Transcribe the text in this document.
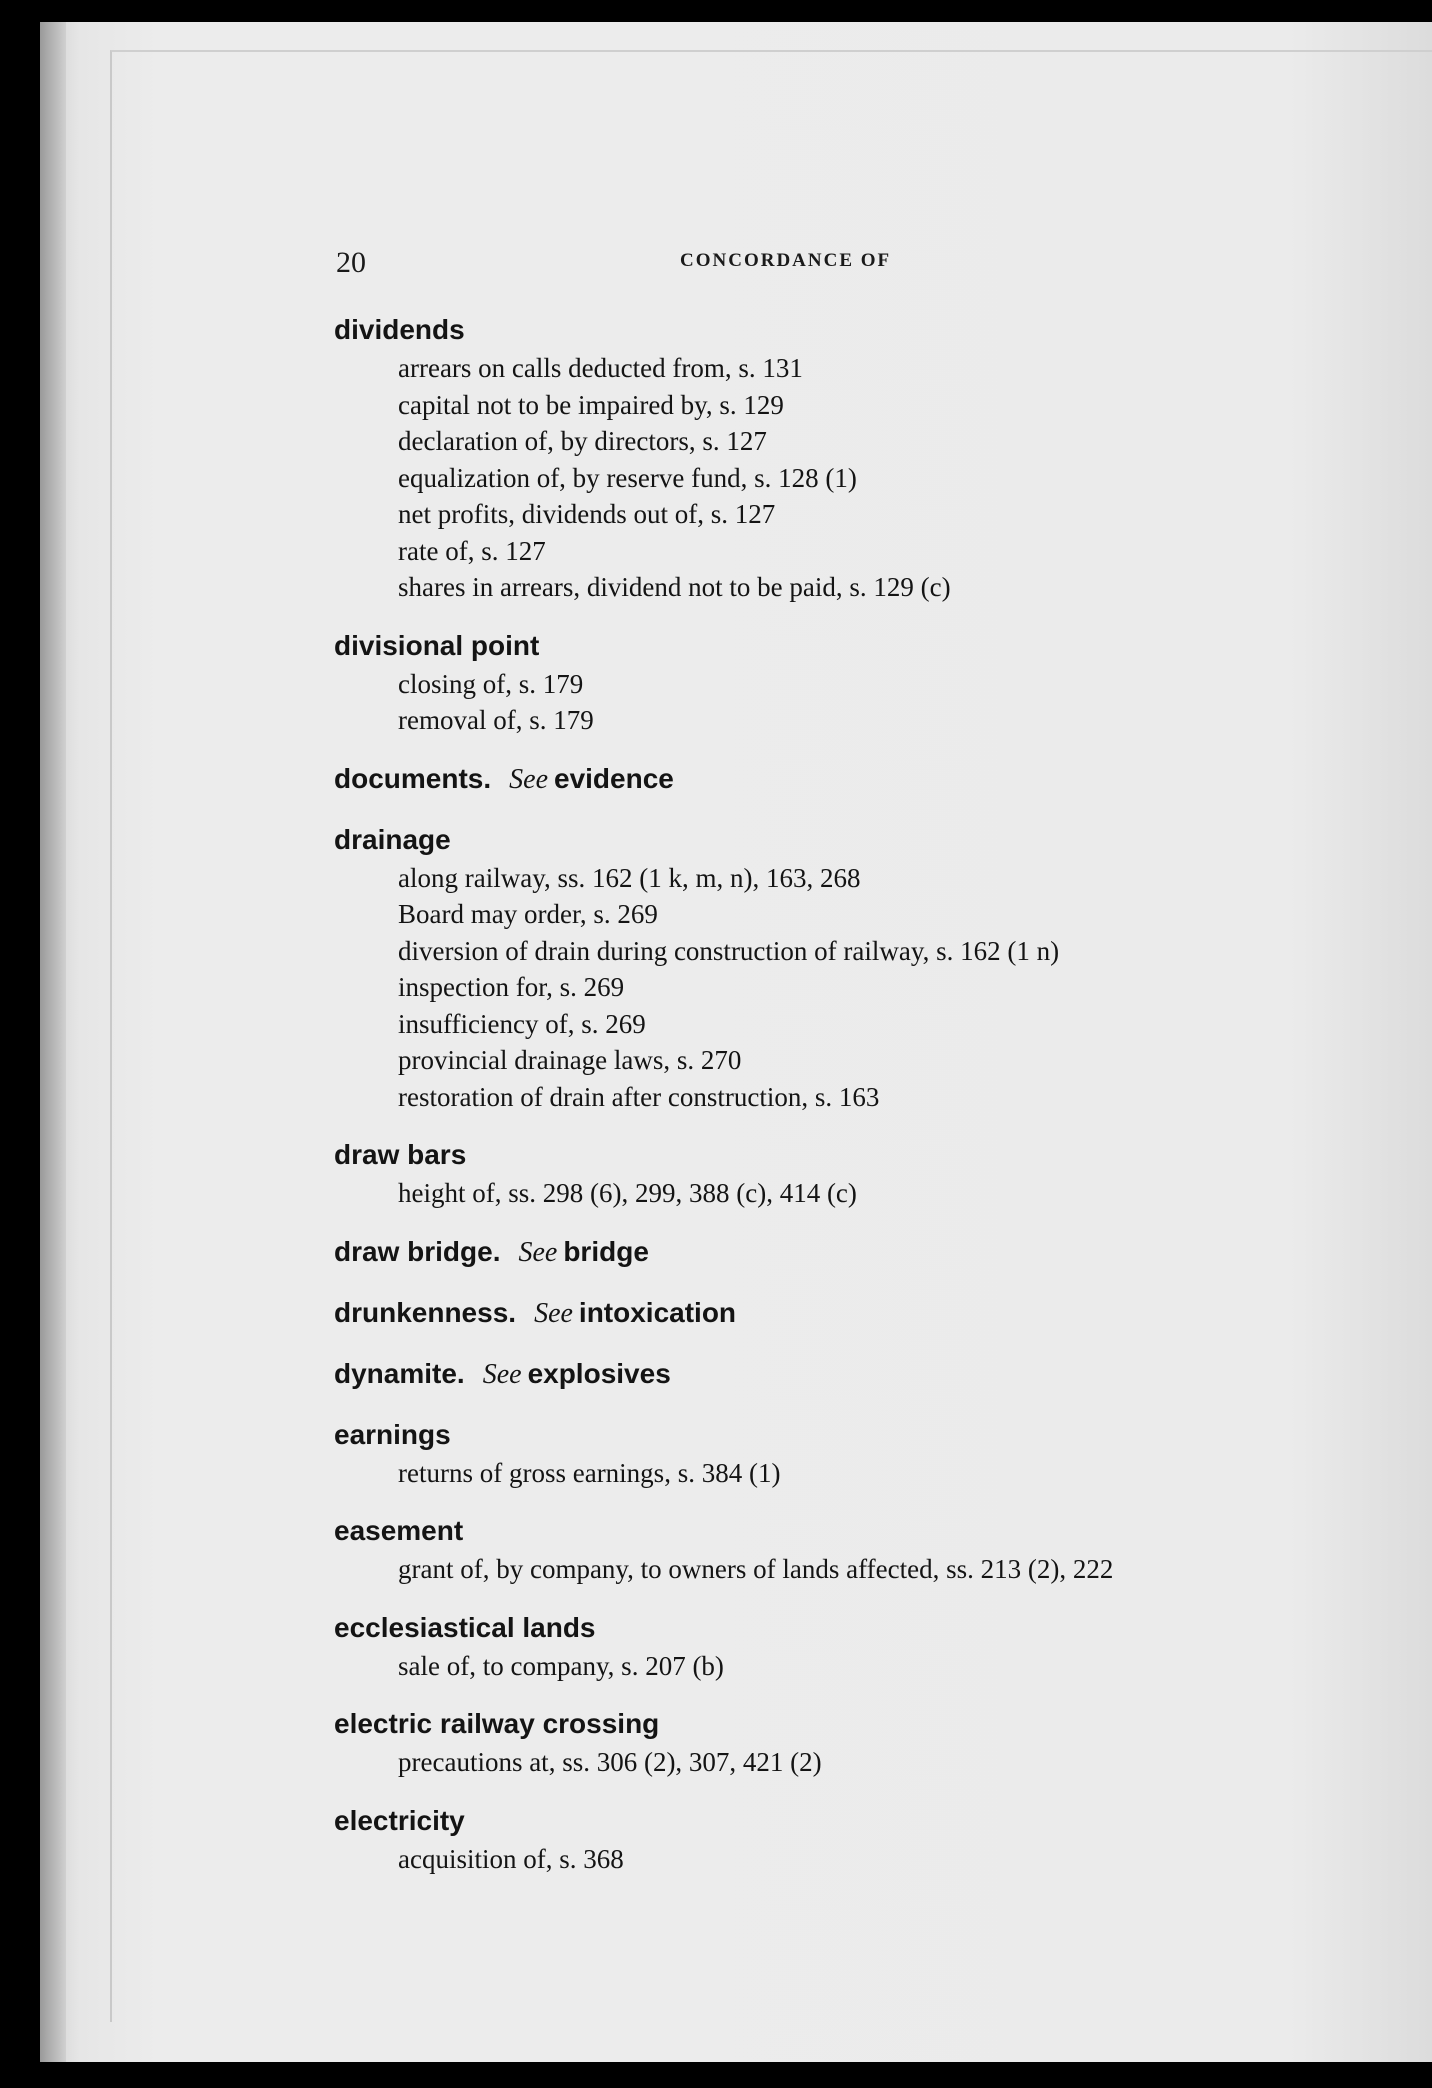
20	CONCORDANCE OF
dividends
arrears on calls deducted from, s. 131
capital not to be impaired by, s. 129
declaration of, by directors, s. 127
equalization of, by reserve fund, s. 128 (1)
net profits, dividends out of, s. 127
rate of, s. 127
shares in arrears, dividend not to be paid, s. 129 (c)
divisional point
closing of, s. 179
removal of, s. 179
documents. See evidence
drainage
along railway, ss. 162 (1 k, m, n), 163, 268
Board may order, s. 269
diversion of drain during construction of railway, s. 162 (1 n)
inspection for, s. 269
insufficiency of, s. 269
provincial drainage laws, s. 270
restoration of drain after construction, s. 163
draw bars
height of, ss. 298 (6), 299, 388 (c), 414 (c)
draw bridge. See bridge
drunkenness. See intoxication
dynamite. See explosives
earnings
returns of gross earnings, s. 384 (1)
easement
grant of, by company, to owners of lands affected, ss. 213 (2), 222
ecclesiastical lands
sale of, to company, s. 207 (b)
electric railway crossing
precautions at, ss. 306 (2), 307, 421 (2)
electricity
acquisition of, s. 368
